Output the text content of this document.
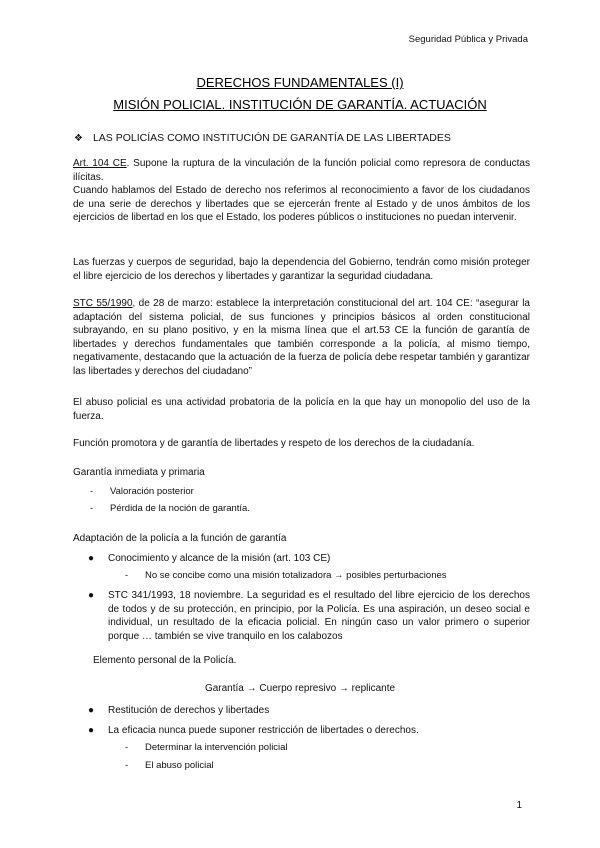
Seguridad Pública y Privada
DERECHOS FUNDAMENTALES (I)
MISIÓN POLICIAL. INSTITUCIÓN DE GARANTÍA. ACTUACIÓN
❖ LAS POLICÍAS COMO INSTITUCIÓN DE GARANTÍA DE LAS LIBERTADES

Art. 104 CE. Supone la ruptura de la vinculación de la función policial como represora de conductas ilícitas.

Cuando hablamos del Estado de derecho nos referimos al reconocimiento a favor de los ciudadanos de una serie de derechos y libertades que se ejercerán frente al Estado y de unos ámbitos de los ejercicios de libertad en los que el Estado, los poderes públicos o instituciones no puedan intervenir.

Las fuerzas y cuerpos de seguridad, bajo la dependencia del Gobierno, tendrán como misión proteger el libre ejercicio de los derechos y libertades y garantizar la seguridad ciudadana.

STC 55/1990, de 28 de marzo: establece la interpretación constitucional del art. 104 CE: “asegurar la adaptación del sistema policial, de sus funciones y principios básicos al orden constitucional subrayando, en su plano positivo, y en la misma línea que el art.53 CE la función de garantía de libertades y derechos fundamentales que también corresponde a la policía, al mismo tiempo, negativamente, destacando que la actuación de la fuerza de policía debe respetar también y garantizar las libertades y derechos del ciudadano”

El abuso policial es una actividad probatoria de la policía en la que hay un monopolio del uso de la fuerza.
Función promotora y de garantía de libertades y respeto de los derechos de la ciudadanía.
Garantía inmediata y primaria
-	Valoración posterior
-	Pérdida de la noción de garantía.
Adaptación de la policía a la función de garantía
●	Conocimiento y alcance de la misión (art. 103 CE)
-	No se concibe como una misión totalizadora → posibles perturbaciones
●	STC 341/1993, 18 noviembre. La seguridad es el resultado del libre ejercicio de los derechos de todos y de su protección, en principio, por la Policía. Es una aspiración, un deseo social e individual, un resultado de la eficacia policial. En ningún caso un valor primero o superior porque … también se vive tranquilo en los calabozos
Elemento personal de la Policía.
Garantía → Cuerpo represivo → replicante
●	Restitución de derechos y libertades
●	La eficacia nunca puede suponer restricción de libertades o derechos.
-	Determinar la intervención policial
-	El abuso policial
1
